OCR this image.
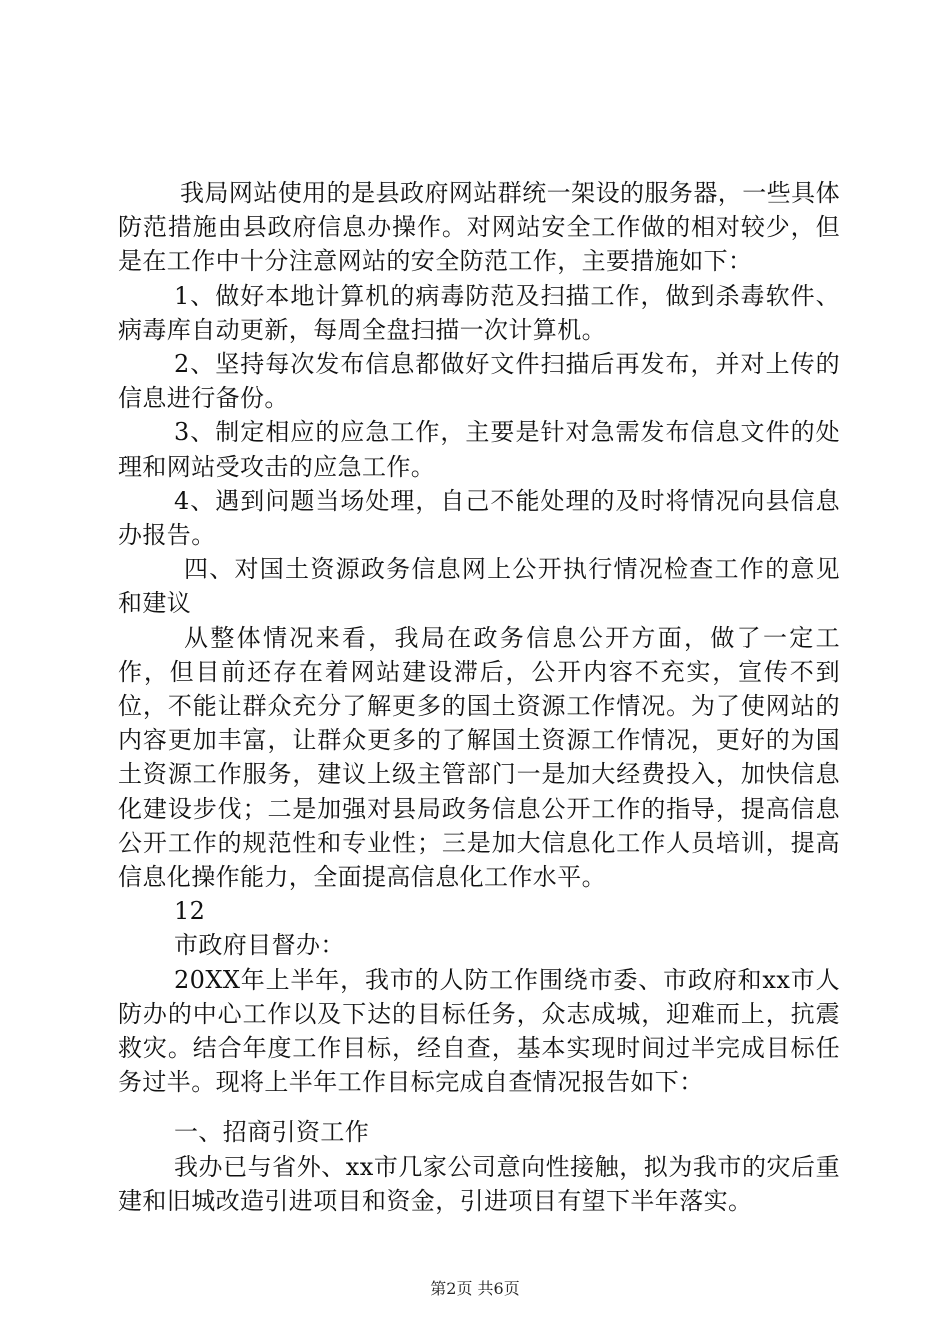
我局网站使用的是县政府网站群统一架设的服务器，一些具体防范措施由县政府信息办操作。对网站安全工作做的相对较少，但是在工作中十分注意网站的安全防范工作，主要措施如下：

1、做好本地计算机的病毒防范及扫描工作，做到杀毒软件、病毒库自动更新，每周全盘扫描一次计算机。

2、坚持每次发布信息都做好文件扫描后再发布，并对上传的信息进行备份。

3、制定相应的应急工作，主要是针对急需发布信息文件的处理和网站受攻击的应急工作。

4、遇到问题当场处理，自己不能处理的及时将情况向县信息办报告。

四、对国土资源政务信息网上公开执行情况检查工作的意见和建议

从整体情况来看，我局在政务信息公开方面，做了一定工作，但目前还存在着网站建设滞后，公开内容不充实，宣传不到位，不能让群众充分了解更多的国土资源工作情况。为了使网站的内容更加丰富，让群众更多的了解国土资源工作情况，更好的为国土资源工作服务，建议上级主管部门一是加大经费投入，加快信息化建设步伐；二是加强对县局政务信息公开工作的指导，提高信息公开工作的规范性和专业性；三是加大信息化工作人员培训，提高信息化操作能力，全面提高信息化工作水平。

12

市政府目督办：

20XX年上半年，我市的人防工作围绕市委、市政府和xx市人防办的中心工作以及下达的目标任务，众志成城，迎难而上，抗震救灾。结合年度工作目标，经自查，基本实现时间过半完成目标任务过半。现将上半年工作目标完成自查情况报告如下：

一、招商引资工作

我办已与省外、xx市几家公司意向性接触，拟为我市的灾后重建和旧城改造引进项目和资金，引进项目有望下半年落实。

第2页 共6页
